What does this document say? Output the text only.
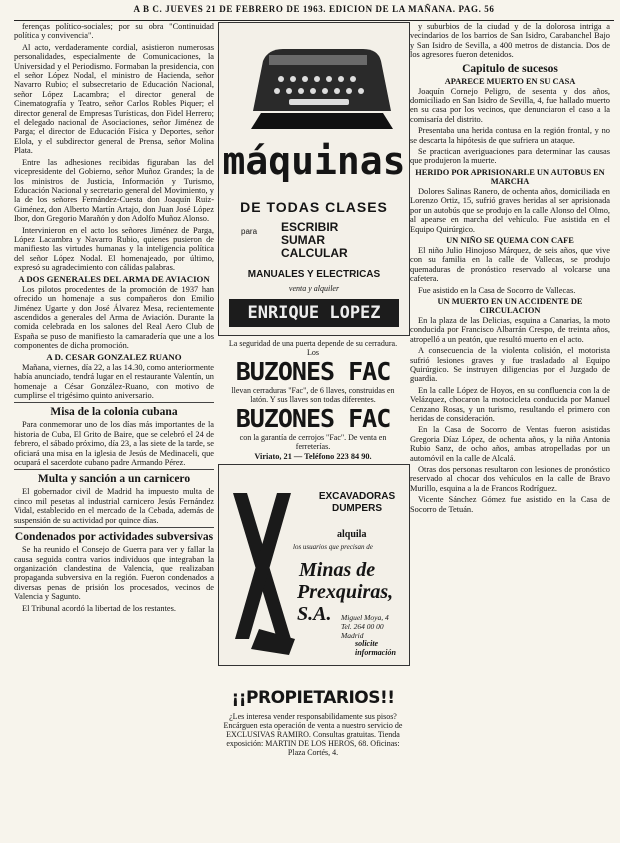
A B C. JUEVES 21 DE FEBRERO DE 1963. EDICION DE LA MAÑANA. PAG. 56

ferenças político-sociales; por su obra "Continuidad política y convivencia".

Al acto, verdaderamente cordial, asistieron numerosas personalidades, especialmente de Comunicaciones, la Universidad y el Periodismo. Formaban la presidencia, con el señor López Nodal, el ministro de Hacienda, señor Navarro Rubio; el subsecretario de Educación Nacional, señor López Lacambra; el director general de Cinematografía y Teatro, señor Carlos Robles Piquer; el director general de Empresas Turísticas, don Fidel Herrero; el delegado nacional de Asociaciones, señor Jiménez de Parga; el director de Educación Física y Deportes, señor Elola, y el subdirector general de Prensa, señor Molina Plata.

Entre las adhesiones recibidas figuraban las del vicepresidente del Gobierno, señor Muñoz Grandes; la de los ministros de Justicia, Información y Turismo, Educación Nacional y secretario general del Movimiento, y la de los señores Fernández-Cuesta don Joaquín Ruiz-Giménez, don Alberto Martín Artajo, don Juan José López Ibor, don Gregorio Marañón y don Adolfo Muñoz Alonso.

Intervinieron en el acto los señores Jiménez de Parga, López Lacambra y Navarro Rubio, quienes pusieron de manifiesto las virtudes humanas y la inteligencia política del señor López Nodal. El homenajeado, por último, expresó su agradecimiento con cálidas palabras.

A DOS GENERALES DEL ARMA DE AVIACION

Los pilotos procedentes de la promoción de 1937 han ofrecido un homenaje a sus compañeros don Emilio Jiménez Ugarte y don José Álvarez Mesa, recientemente ascendidos a generales del Arma de Aviación. Durante la comida celebrada en los salones del Real Aero Club de España se puso de manifiesto la camaradería que une a los componentes de dicha promoción.

A D. CESAR GONZALEZ RUANO

Mañana, viernes, día 22, a las 14.30, como anteriormente había anunciado, tendrá lugar en el restaurante Valentín, un homenaje a César González-Ruano, con motivo de cumplirse el trigésimo quinto aniversario.

Misa de la colonia cubana

Para conmemorar uno de los días más importantes de la historia de Cuba, El Grito de Baire, que se celebró el 24 de febrero, el sábado próximo, día 23, a las siete de la tarde, se oficiará una misa en la iglesia de Jesús de Medinaceli, que ocupará el sacerdote cubano padre Armando Pérez.

Multa y sanción a un carnicero

El gobernador civil de Madrid ha impuesto multa de cinco mil pesetas al industrial carnicero Jesús Fernández Vidal, establecido en el mercado de la Cebada, además de suspensión de su actividad por quince días.

Condenados por actividades subversivas

Se ha reunido el Consejo de Guerra para ver y fallar la causa seguida contra varios individuos que integraban la organización clandestina de Valencia, que realizaban propaganda subversiva en la región. Fueron condenados a diversas penas de prisión los procesados, vecinos de Valencia y Sagunto.

El Tribunal acordó la libertad de los restantes.

máquinas
DE TODAS CLASES
para ESCRIBIR
SUMAR
CALCULAR
MANUALES Y ELECTRICAS
venta y alquiler
ENRIQUE LOPEZ
La seguridad de una puerta depende de su cerradura. Los
BUZONES FAC
llevan cerraduras "Fac", de 6 llaves, construidas en latón. Y sus llaves son todas diferentes.
BUZONES FAC
con la garantía de cerrojos "Fac". De venta en ferreterías.
Viriato, 21 — Teléfono 223 84 90.
EXCAVADORAS
DUMPERS
alquila
los usuarios que precisan de
Minas de
Prexquiras, S.A.	Miguel Moya, 4
Tel. 264 00 00
Madrid
solicite
información
¡¡PROPIETARIOS!!
¿Les interesa vender responsabilidamente sus pisos? Encárguen esta operación de venta a nuestro servicio de EXCLUSIVAS RAMIRO. Consultas gratuitas. Tienda exposición: MARTIN DE LOS HEROS, 68. Oficinas: Plaza Cortés, 4.

y suburbios de la ciudad y de la dolorosa intriga a vecindarios de los barrios de San Isidro, Carabanchel Bajo y San Isidro de Sevilla, a 400 metros de distancia. Dos de los agresores fueron detenidos.

Capitulo de sucesos
APARECE MUERTO EN SU CASA

Joaquín Cornejo Peligro, de sesenta y dos años, domiciliado en San Isidro de Sevilla, 4, fue hallado muerto en su casa por los vecinos, que denunciaron el caso a la comisaría del distrito.

Presentaba una herida contusa en la región frontal, y no se descarta la hipótesis de que sufriera un ataque.

Se practican averiguaciones para determinar las causas que produjeron la muerte.

HERIDO POR APRISIONARLE UN AUTOBUS EN MARCHA

Dolores Salinas Ranero, de ochenta años, domiciliada en Lorenzo Ortiz, 15, sufrió graves heridas al ser aprisionada por un autobús que se produjo en la calle Alonso del Olmo, al apearse en marcha del vehículo. Fue asistida en el Equipo Quirúrgico.

UN NIÑO SE QUEMA CON CAFE

El niño Julio Hinojoso Márquez, de seis años, que vive con su familia en la calle de Vallecas, se produjo quemaduras de pronóstico reservado al volcarse una cafetera.

Fue asistido en la Casa de Socorro de Vallecas.

UN MUERTO EN UN ACCIDENTE DE CIRCULACION

En la plaza de las Delicias, esquina a Canarias, la moto conducida por Francisco Albarrán Crespo, de treinta años, atropelló a un peatón, que resultó muerto en el acto.

A consecuencia de la violenta colisión, el motorista sufrió lesiones graves y fue trasladado al Equipo Quirúrgico. Se instruyen diligencias por el Juzgado de guardia.

En la calle López de Hoyos, en su confluencia con la de Velázquez, chocaron la motocicleta conducida por Manuel Cenzano Rosas, y un turismo, resultando el primero con heridas de consideración.

En la Casa de Socorro de Ventas fueron asistidas Gregoria Díaz López, de ochenta años, y la niña Antonia Rubio Sanz, de ocho años, ambas atropelladas por un automóvil en la calle de Alcalá.

Otras dos personas resultaron con lesiones de pronóstico reservado al chocar dos vehículos en la calle de Bravo Murillo, esquina a la de Francos Rodríguez.

Vicente Sánchez Gómez fue asistido en la Casa de Socorro de Tetuán.
